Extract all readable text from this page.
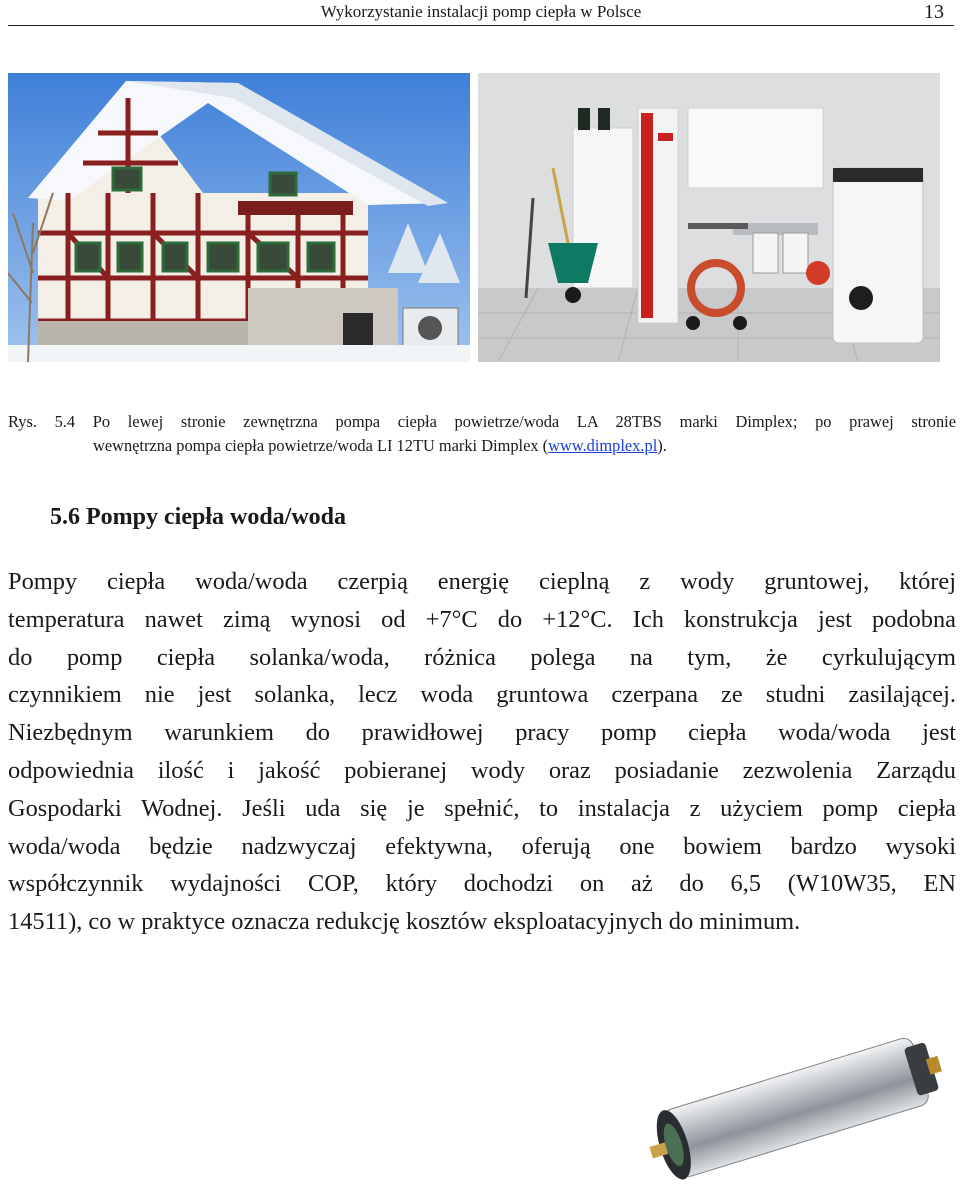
Wykorzystanie instalacji pomp ciepła w Polsce	13
Rys. 5.4 Po lewej stronie zewnętrzna pompa ciepła powietrze/woda LA 28TBS marki Dimplex; po prawej stronie
wewnętrzna pompa ciepła powietrze/woda LI 12TU marki Dimplex (www.dimplex.pl).
5.6 Pompy ciepła woda/woda
Pompy ciepła woda/woda czerpią energię cieplną z wody gruntowej, której
temperatura nawet zimą wynosi od +7°C do +12°C. Ich konstrukcja jest podobna
do pomp ciepła solanka/woda, różnica polega na tym, że cyrkulującym
czynnikiem nie jest solanka, lecz woda gruntowa czerpana ze studni zasilającej.
Niezbędnym warunkiem do prawidłowej pracy pomp ciepła woda/woda jest
odpowiednia ilość i jakość pobieranej wody oraz posiadanie zezwolenia Zarządu
Gospodarki Wodnej. Jeśli uda się je spełnić, to instalacja z użyciem pomp ciepła
woda/woda będzie nadzwyczaj efektywna, oferują one bowiem bardzo wysoki
współczynnik wydajności COP, który dochodzi on aż do 6,5 (W10W35, EN
14511), co w praktyce oznacza redukcję kosztów eksploatacyjnych do minimum.
